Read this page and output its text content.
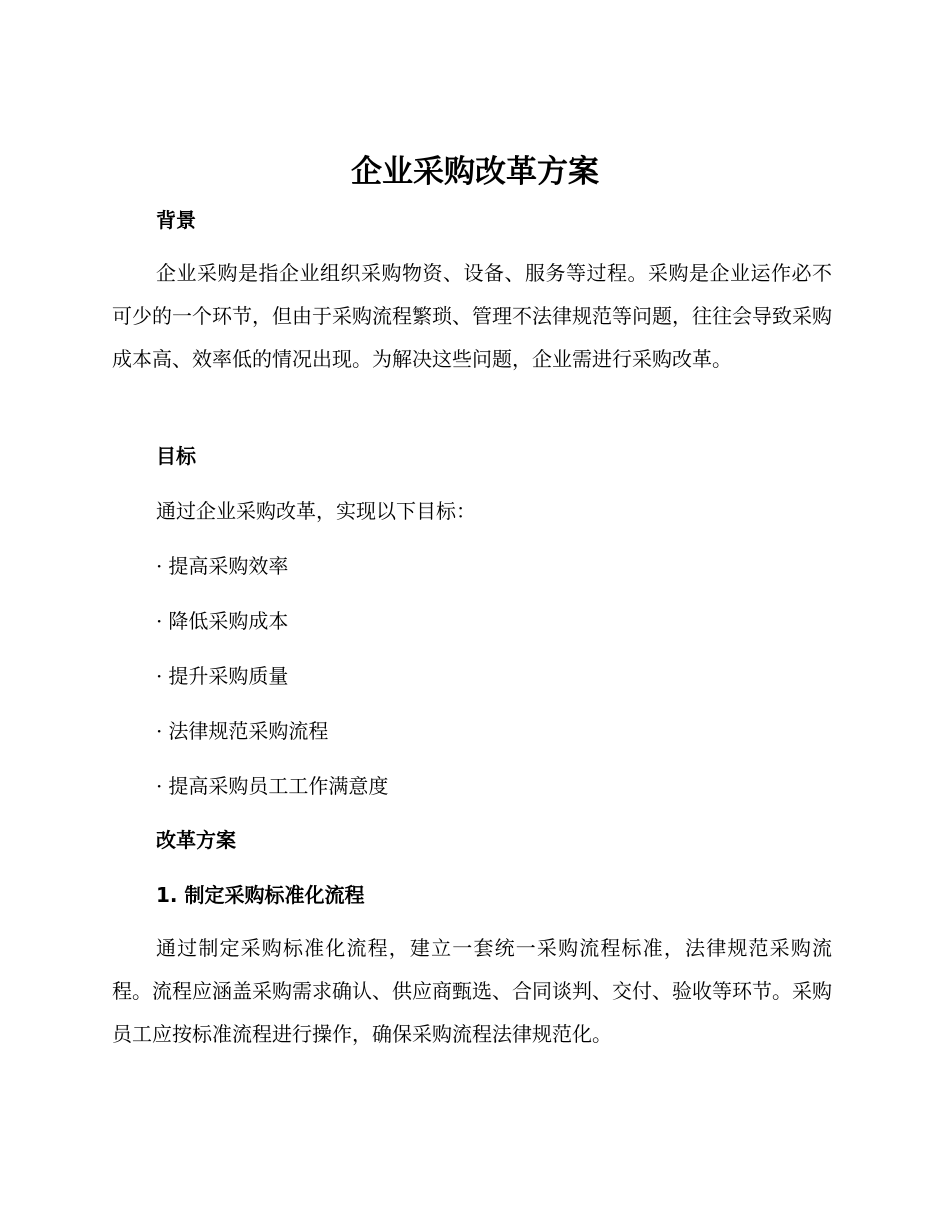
企业采购改革方案
背景

企业采购是指企业组织采购物资、设备、服务等过程。采购是企业运作必不可少的一个环节，但由于采购流程繁琐、管理不法律规范等问题，往往会导致采购成本高、效率低的情况出现。为解决这些问题，企业需进行采购改革。

目标

通过企业采购改革，实现以下目标：

· 提高采购效率
· 降低采购成本
· 提升采购质量
· 法律规范采购流程
· 提高采购员工工作满意度
改革方案
1. 制定采购标准化流程

通过制定采购标准化流程，建立一套统一采购流程标准，法律规范采购流程。流程应涵盖采购需求确认、供应商甄选、合同谈判、交付、验收等环节。采购员工应按标准流程进行操作，确保采购流程法律规范化。
